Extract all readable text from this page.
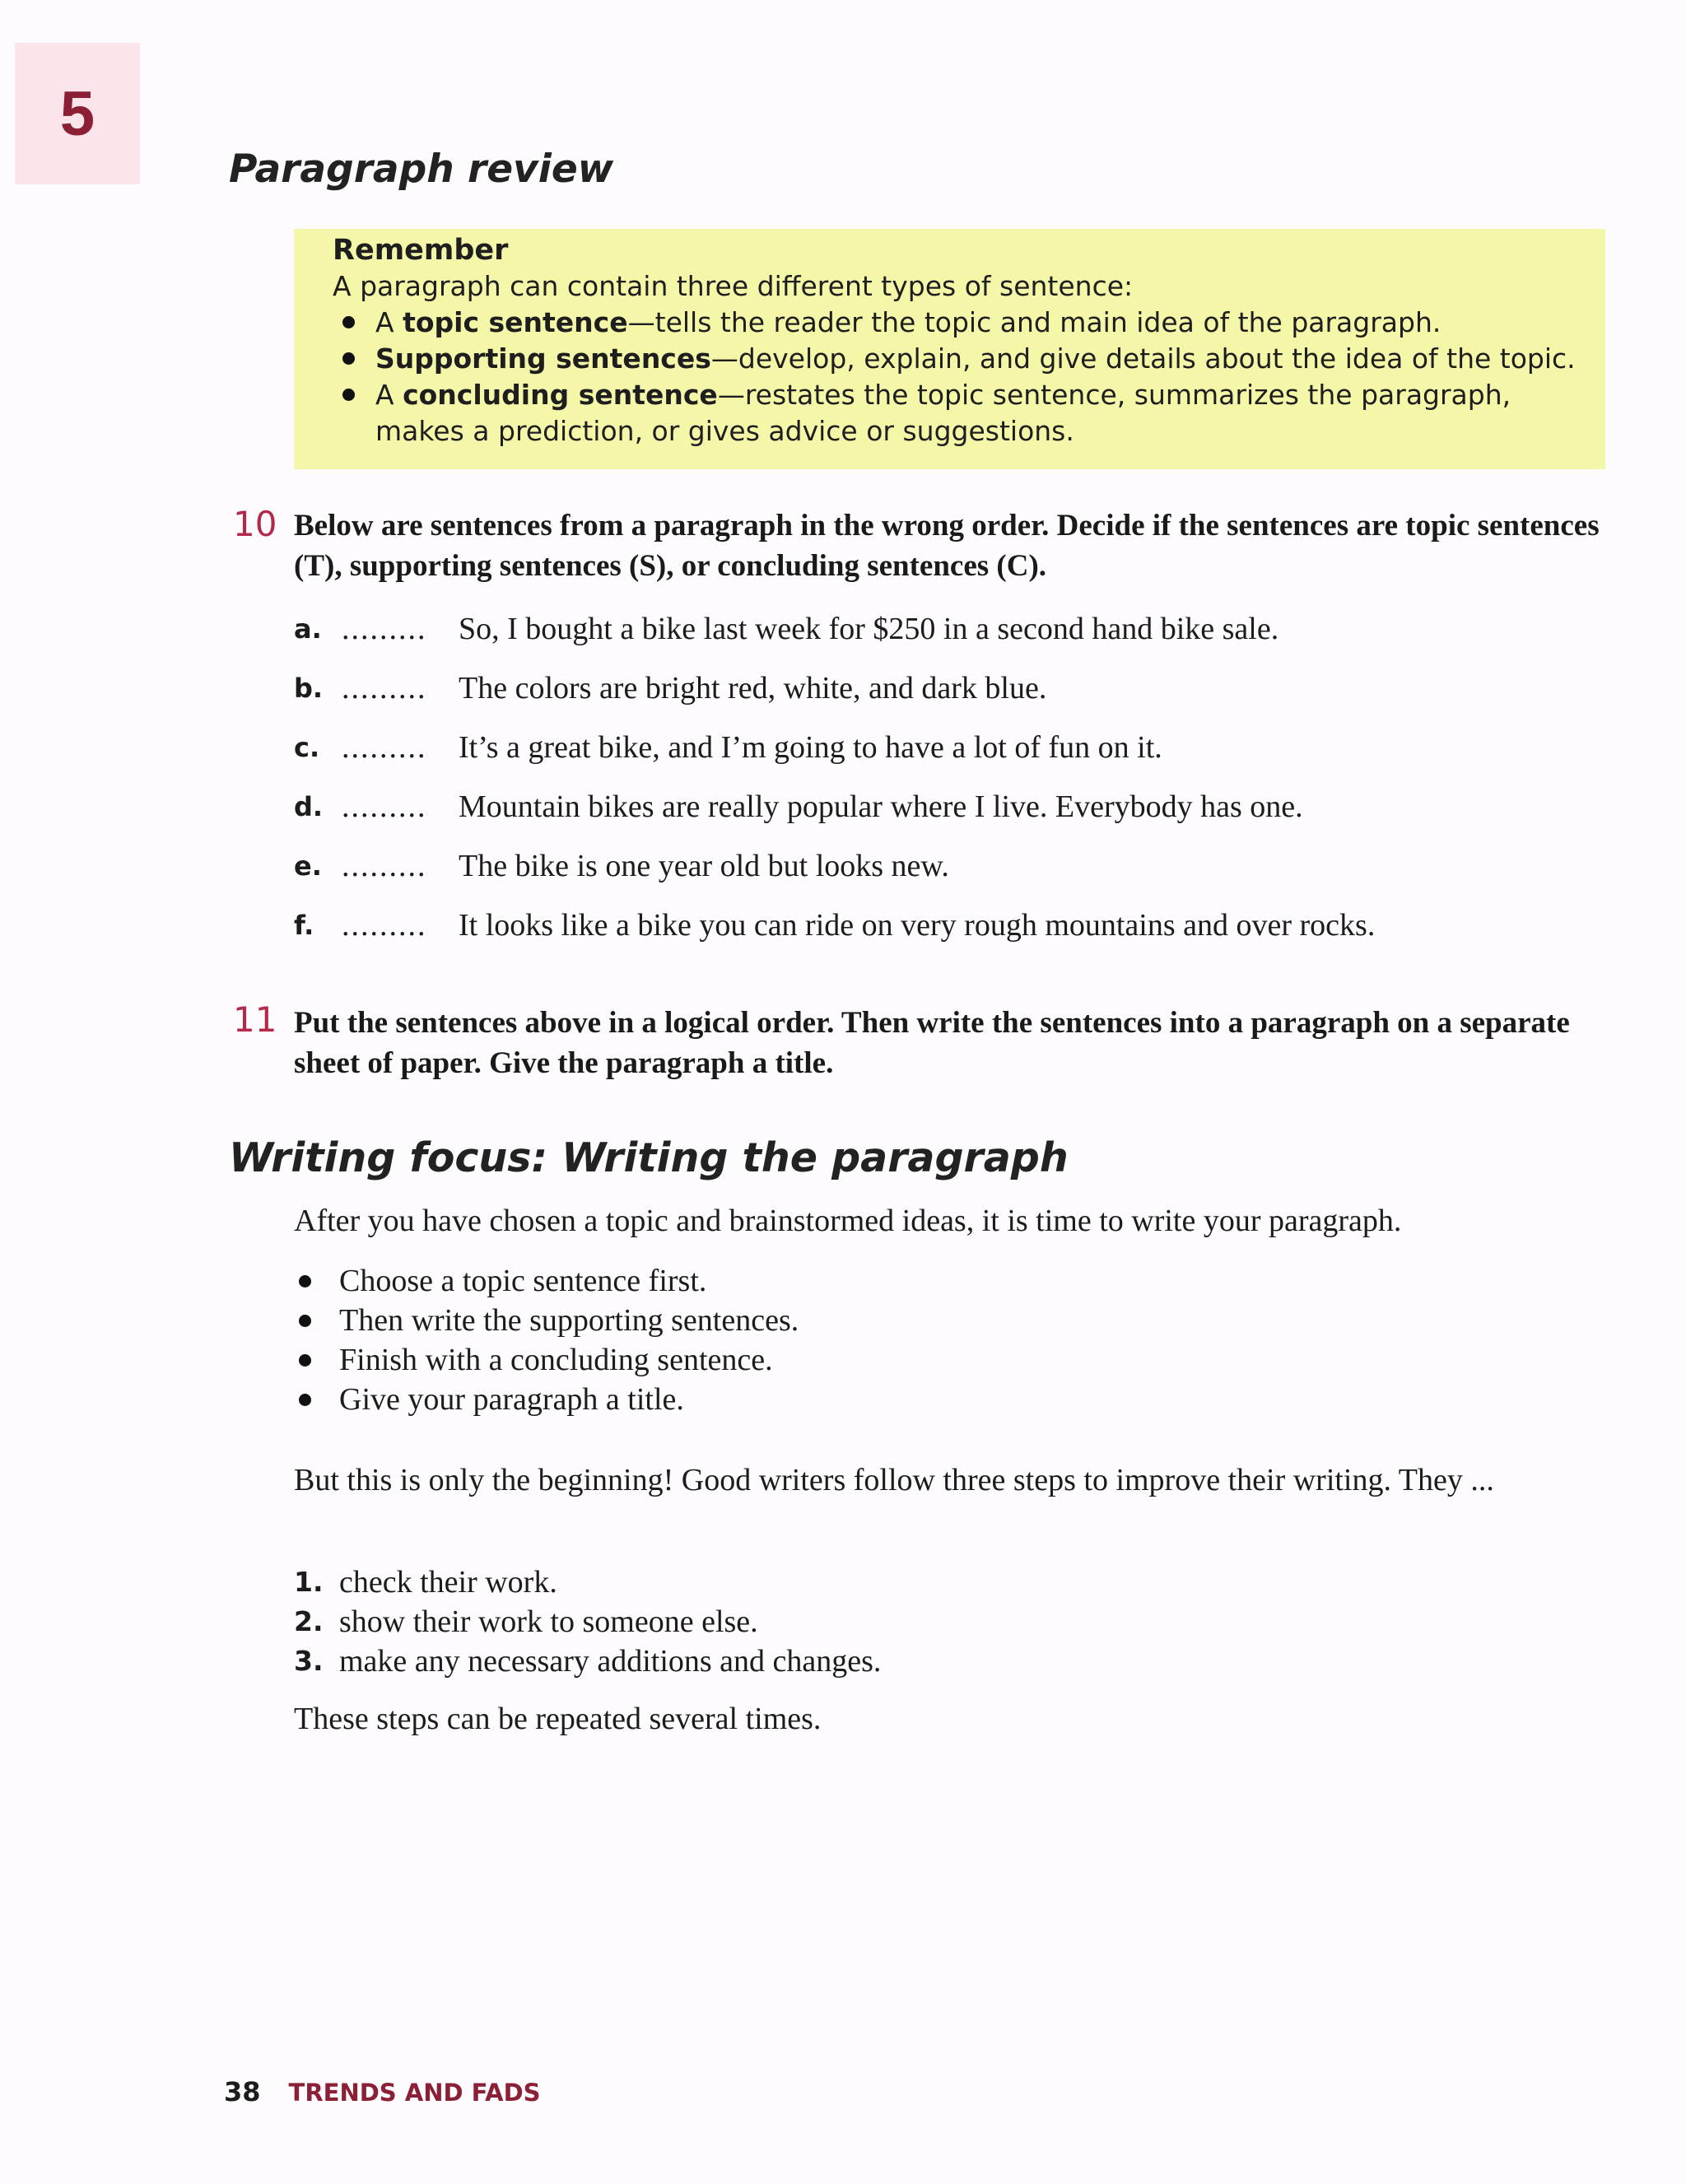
5
Paragraph review
Remember
A paragraph can contain three different types of sentence:
A topic sentence—tells the reader the topic and main idea of the paragraph.
Supporting sentences—develop, explain, and give details about the idea of the topic.
A concluding sentence—restates the topic sentence, summarizes the paragraph, makes a prediction, or gives advice or suggestions.
10 Below are sentences from a paragraph in the wrong order. Decide if the sentences are topic sentences (T), supporting sentences (S), or concluding sentences (C).
a. ......... So, I bought a bike last week for $250 in a second hand bike sale.
b. ......... The colors are bright red, white, and dark blue.
c. ......... It’s a great bike, and I’m going to have a lot of fun on it.
d. ......... Mountain bikes are really popular where I live. Everybody has one.
e. ......... The bike is one year old but looks new.
f. ......... It looks like a bike you can ride on very rough mountains and over rocks.
11 Put the sentences above in a logical order. Then write the sentences into a paragraph on a separate sheet of paper. Give the paragraph a title.
Writing focus: Writing the paragraph
After you have chosen a topic and brainstormed ideas, it is time to write your paragraph.
Choose a topic sentence first.
Then write the supporting sentences.
Finish with a concluding sentence.
Give your paragraph a title.
But this is only the beginning! Good writers follow three steps to improve their writing. They ...
1. check their work.
2. show their work to someone else.
3. make any necessary additions and changes.
These steps can be repeated several times.
38 TRENDS AND FADS
